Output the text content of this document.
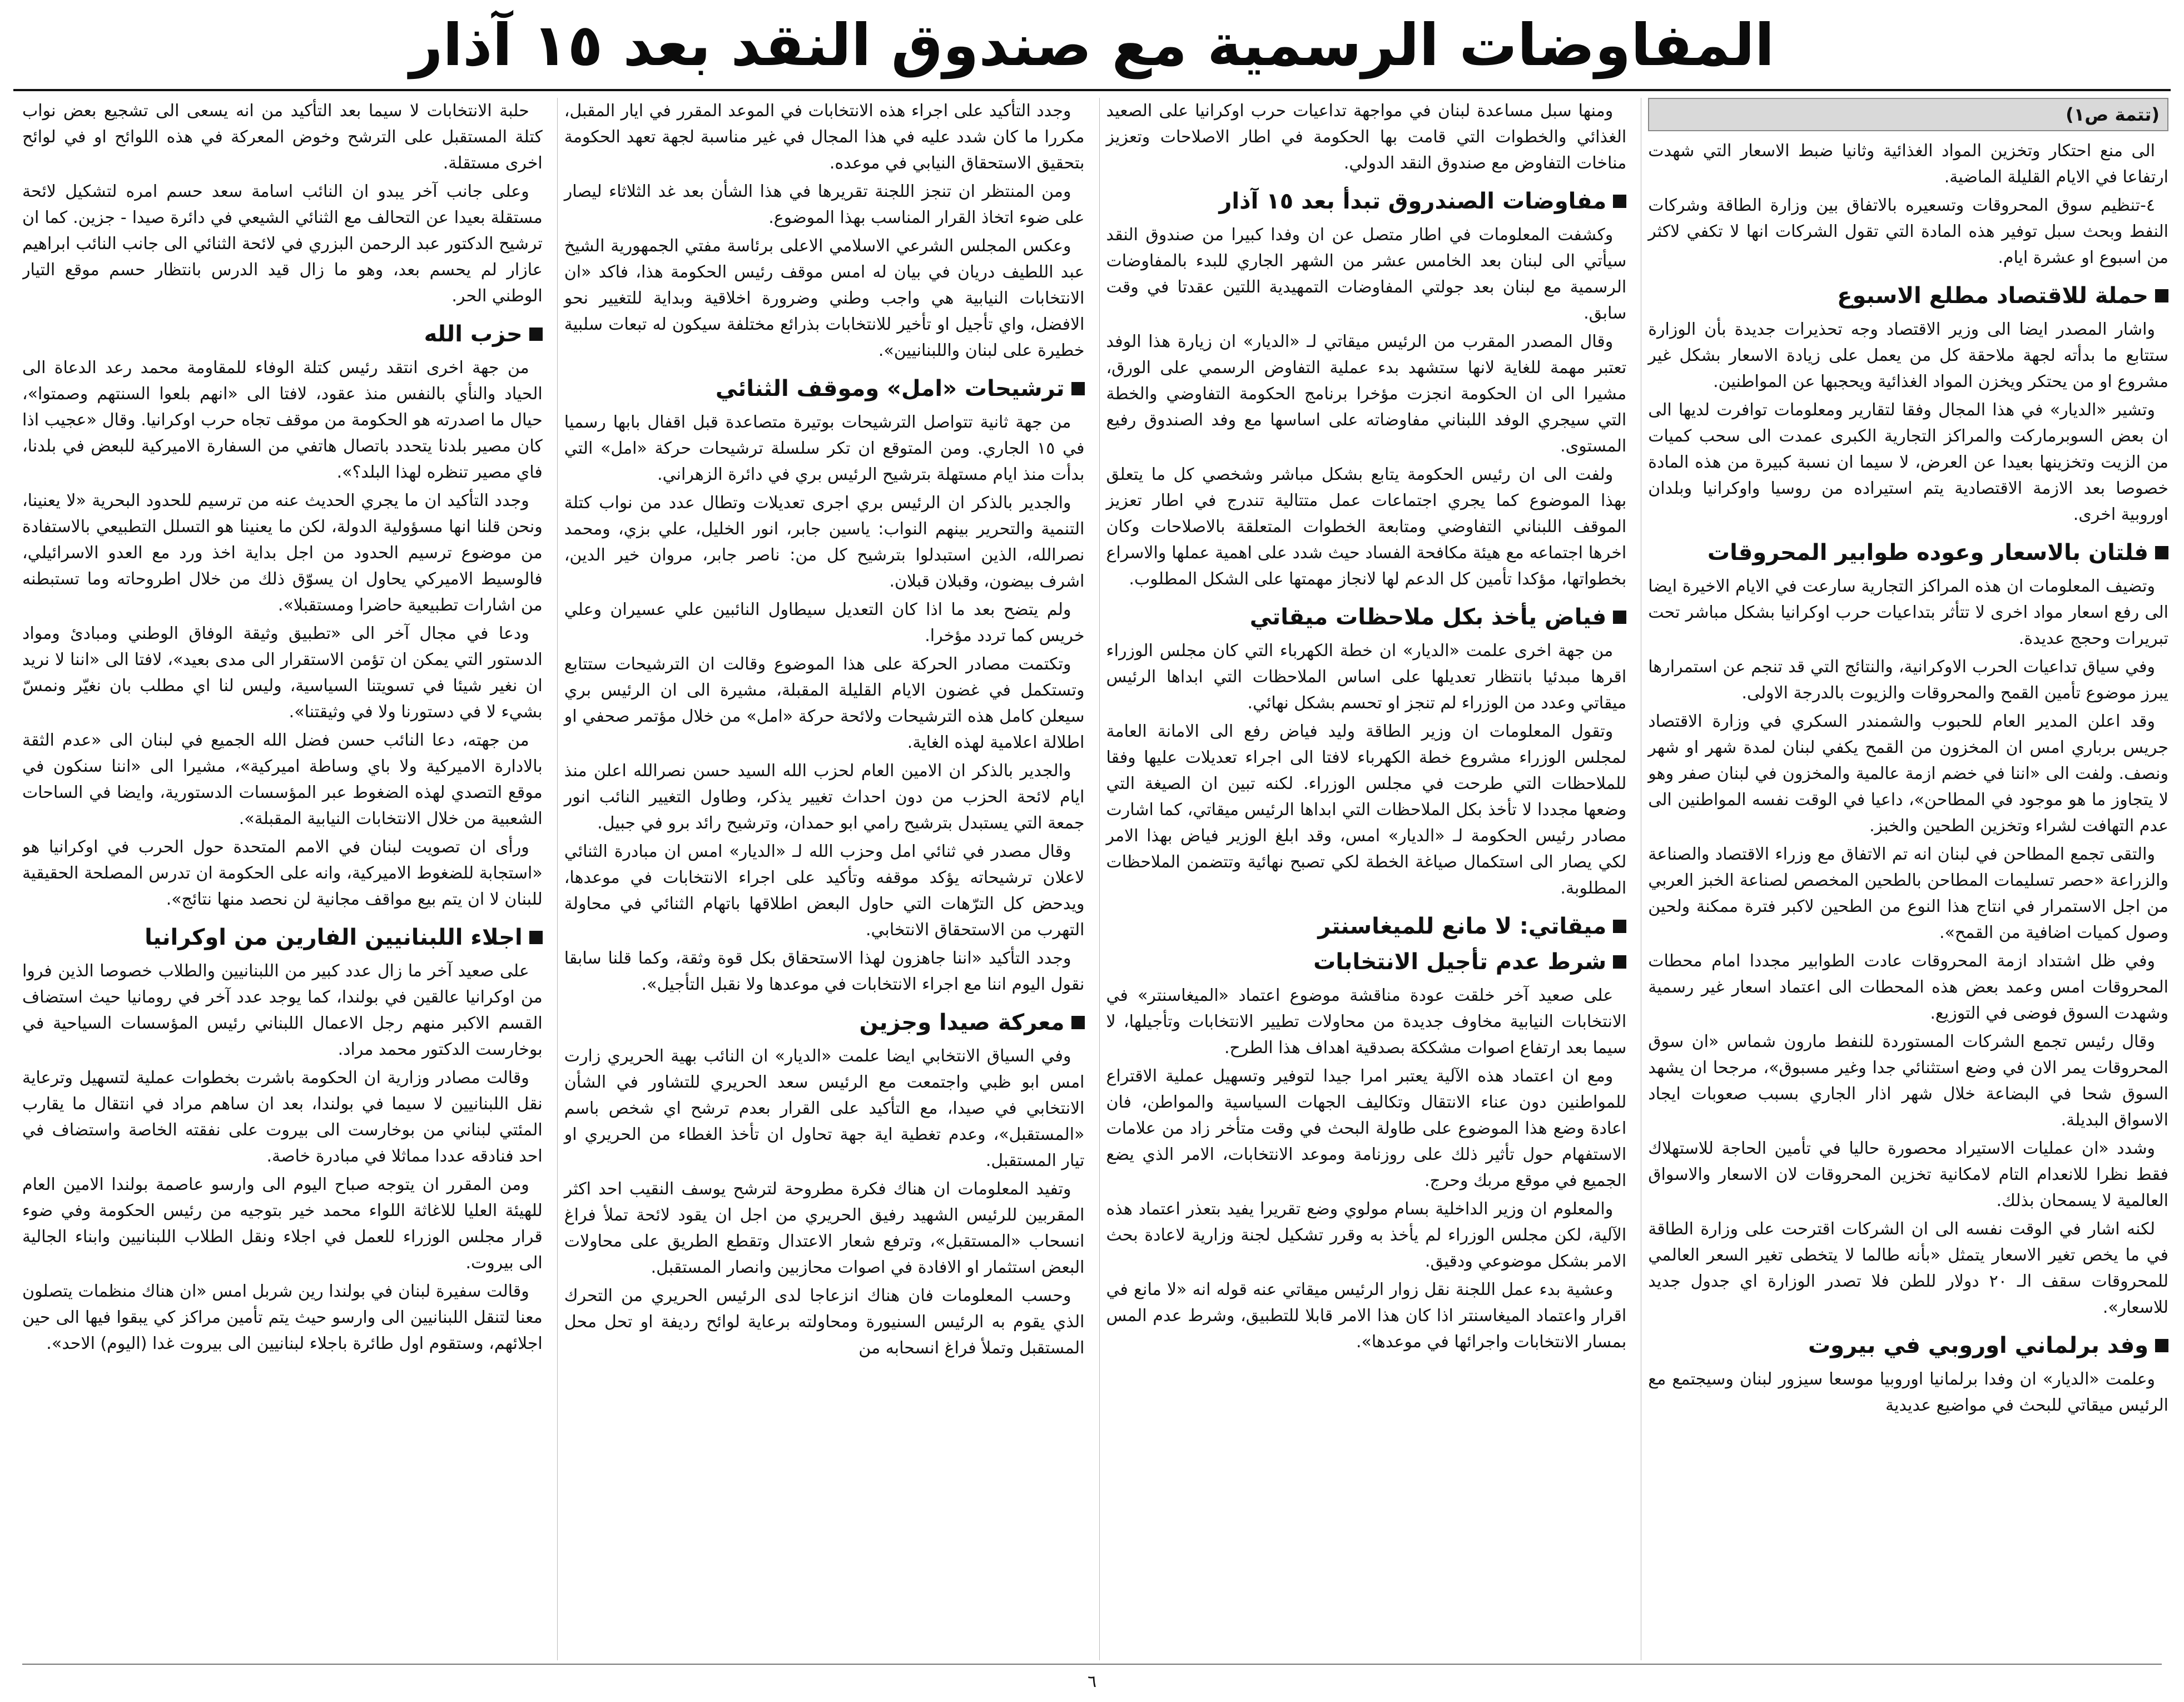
المفاوضات الرسمية مع صندوق النقد بعد ١٥ آذار
(تتمة ص١)

الى منع احتكار وتخزين المواد الغذائية وثانيا ضبط الاسعار التي شهدت ارتفاعا في الايام القليلة الماضية.

٤-تنظيم سوق المحروقات وتسعيره بالاتفاق بين وزارة الطاقة وشركات النفط وبحث سبل توفير هذه المادة التي تقول الشركات انها لا تكفي لاكثر من اسبوع او عشرة ايام.

حملة للاقتصاد مطلع الاسبوع

واشار المصدر ايضا الى وزير الاقتصاد وجه تحذيرات جديدة بأن الوزارة ستتابع ما بدأته لجهة ملاحقة كل من يعمل على زيادة الاسعار بشكل غير مشروع او من يحتكر ويخزن المواد الغذائية ويحجبها عن المواطنين.

وتشير «الديار» في هذا المجال وفقا لتقارير ومعلومات توافرت لديها الى ان بعض السوبرماركت والمراكز التجارية الكبرى عمدت الى سحب كميات من الزيت وتخزينها بعيدا عن العرض، لا سيما ان نسبة كبيرة من هذه المادة خصوصا بعد الازمة الاقتصادية يتم استيراده من روسيا واوكرانيا وبلدان اوروبية اخرى.

فلتان بالاسعار وعوده طوابير المحروقات

وتضيف المعلومات ان هذه المراكز التجارية سارعت في الايام الاخيرة ايضا الى رفع اسعار مواد اخرى لا تتأثر بتداعيات حرب اوكرانيا بشكل مباشر تحت تبريرات وحجج عديدة.

وفي سياق تداعيات الحرب الاوكرانية، والنتائج التي قد تنجم عن استمرارها يبرز موضوع تأمين القمح والمحروقات والزيوت بالدرجة الاولى.

وقد اعلن المدير العام للحبوب والشمندر السكري في وزارة الاقتصاد جريس برباري امس ان المخزون من القمح يكفي لبنان لمدة شهر او شهر ونصف. ولفت الى «اننا في خضم ازمة عالمية والمخزون في لبنان صفر وهو لا يتجاوز ما هو موجود في المطاحن»، داعيا في الوقت نفسه المواطنين الى عدم التهافت لشراء وتخزين الطحين والخبز.

والتقى تجمع المطاحن في لبنان انه تم الاتفاق مع وزراء الاقتصاد والصناعة والزراعة «حصر تسليمات المطاحن بالطحين المخصص لصناعة الخبز العربي من اجل الاستمرار في انتاج هذا النوع من الطحين لاكبر فترة ممكنة ولحين وصول كميات اضافية من القمح».

وفي ظل اشتداد ازمة المحروقات عادت الطوابير مجددا امام محطات المحروقات امس وعمد بعض هذه المحطات الى اعتماد اسعار غير رسمية وشهدت السوق فوضى في التوزيع.

وقال رئيس تجمع الشركات المستوردة للنفط مارون شماس «ان سوق المحروقات يمر الان في وضع استثنائي جدا وغير مسبوق»، مرجحا ان يشهد السوق شحا في البضاعة خلال شهر اذار الجاري بسبب صعوبات ايجاد الاسواق البديلة.

وشدد «ان عمليات الاستيراد محصورة حاليا في تأمين الحاجة للاستهلاك فقط نظرا للانعدام التام لامكانية تخزين المحروقات لان الاسعار والاسواق العالمية لا يسمحان بذلك.

لكنه اشار في الوقت نفسه الى ان الشركات اقترحت على وزارة الطاقة في ما يخص تغير الاسعار يتمثل «بأنه طالما لا يتخطى تغير السعر العالمي للمحروقات سقف الـ ٢٠ دولار للطن فلا تصدر الوزارة اي جدول جديد للاسعار».

وفد برلماني اوروبي في بيروت

وعلمت «الديار» ان وفدا برلمانيا اوروبيا موسعا سيزور لبنان وسيجتمع مع الرئيس ميقاتي للبحث في مواضيع عديدية

ومنها سبل مساعدة لبنان في مواجهة تداعيات حرب اوكرانيا على الصعيد الغذائي والخطوات التي قامت بها الحكومة في اطار الاصلاحات وتعزيز مناخات التفاوض مع صندوق النقد الدولي.

مفاوضات الصندروق تبدأ بعد ١٥ آذار

وكشفت المعلومات في اطار متصل عن ان وفدا كبيرا من صندوق النقد سيأتي الى لبنان بعد الخامس عشر من الشهر الجاري للبدء بالمفاوضات الرسمية مع لبنان بعد جولتي المفاوضات التمهيدية اللتين عقدتا في وقت سابق.

وقال المصدر المقرب من الرئيس ميقاتي لـ «الديار» ان زيارة هذا الوفد تعتبر مهمة للغاية لانها ستشهد بدء عملية التفاوض الرسمي على الورق، مشيرا الى ان الحكومة انجزت مؤخرا برنامج الحكومة التفاوضي والخطة التي سيجري الوفد اللبناني مفاوضاته على اساسها مع وفد الصندوق رفيع المستوى.

ولفت الى ان رئيس الحكومة يتابع بشكل مباشر وشخصي كل ما يتعلق بهذا الموضوع كما يجري اجتماعات عمل متتالية تندرج في اطار تعزيز الموقف اللبناني التفاوضي ومتابعة الخطوات المتعلقة بالاصلاحات وكان اخرها اجتماعه مع هيئة مكافحة الفساد حيث شدد على اهمية عملها والاسراع بخطواتها، مؤكدا تأمين كل الدعم لها لانجاز مهمتها على الشكل المطلوب.

فياض يأخذ بكل ملاحظات ميقاتي

من جهة اخرى علمت «الديار» ان خطة الكهرباء التي كان مجلس الوزراء اقرها مبدئيا بانتظار تعديلها على اساس الملاحظات التي ابداها الرئيس ميقاتي وعدد من الوزراء لم تنجز او تحسم بشكل نهائي.

وتقول المعلومات ان وزير الطاقة وليد فياض رفع الى الامانة العامة لمجلس الوزراء مشروع خطة الكهرباء لافتا الى اجراء تعديلات عليها وفقا للملاحظات التي طرحت في مجلس الوزراء. لكنه تبين ان الصيغة التي وضعها مجددا لا تأخذ بكل الملاحظات التي ابداها الرئيس ميقاتي، كما اشارت مصادر رئيس الحكومة لـ «الديار» امس، وقد ابلغ الوزير فياض بهذا الامر لكي يصار الى استكمال صياغة الخطة لكي تصبح نهائية وتتضمن الملاحظات المطلوبة.

ميقاتي: لا مانع للميغاسنتر
شرط عدم تأجيل الانتخابات

على صعيد آخر خلقت عودة مناقشة موضوع اعتماد «الميغاسنتر» في الانتخابات النيابية مخاوف جديدة من محاولات تطيير الانتخابات وتأجيلها، لا سيما بعد ارتفاع اصوات مشككة بصدقية اهداف هذا الطرح.

ومع ان اعتماد هذه الآلية يعتبر امرا جيدا لتوفير وتسهيل عملية الاقتراع للمواطنين دون عناء الانتقال وتكاليف الجهات السياسية والمواطن، فان اعادة وضع هذا الموضوع على طاولة البحث في وقت متأخر زاد من علامات الاستفهام حول تأثير ذلك على روزنامة وموعد الانتخابات، الامر الذي يضع الجميع في موقع مربك وحرج.

والمعلوم ان وزير الداخلية بسام مولوي وضع تقريرا يفيد بتعذر اعتماد هذه الآلية، لكن مجلس الوزراء لم يأخذ به وقرر تشكيل لجنة وزارية لاعادة بحث الامر بشكل موضوعي ودقيق.

وعشية بدء عمل اللجنة نقل زوار الرئيس ميقاتي عنه قوله انه «لا مانع في اقرار واعتماد الميغاسنتر اذا كان هذا الامر قابلا للتطبيق، وشرط عدم المس بمسار الانتخابات واجرائها في موعدها».

وجدد التأكيد على اجراء هذه الانتخابات في الموعد المقرر في ايار المقبل، مكررا ما كان شدد عليه في هذا المجال في غير مناسبة لجهة تعهد الحكومة بتحقيق الاستحقاق النيابي في موعده.

ومن المنتظر ان تنجز اللجنة تقريرها في هذا الشأن بعد غد الثلاثاء ليصار على ضوء اتخاذ القرار المناسب بهذا الموضوع.

وعكس المجلس الشرعي الاسلامي الاعلى برئاسة مفتي الجمهورية الشيخ عبد اللطيف دريان في بيان له امس موقف رئيس الحكومة هذا، فاكد «ان الانتخابات النيابية هي واجب وطني وضرورة اخلاقية وبداية للتغيير نحو الافضل، واي تأجيل او تأخير للانتخابات بذرائع مختلفة سيكون له تبعات سلبية خطيرة على لبنان واللبنانيين».

ترشيحات «امل» وموقف الثنائي

من جهة ثانية تتواصل الترشيحات بوتيرة متصاعدة قبل اقفال بابها رسميا في ١٥ الجاري. ومن المتوقع ان تكر سلسلة ترشيحات حركة «امل» التي بدأت منذ ايام مستهلة بترشيح الرئيس بري في دائرة الزهراني.

والجدير بالذكر ان الرئيس بري اجرى تعديلات وتطال عدد من نواب كتلة التنمية والتحرير بينهم النواب: ياسين جابر، انور الخليل، علي بزي، ومحمد نصرالله، الذين استبدلوا بترشيح كل من: ناصر جابر، مروان خير الدين، اشرف بيضون، وقبلان قبلان.

ولم يتضح بعد ما اذا كان التعديل سيطاول النائبين علي عسيران وعلي خريس كما تردد مؤخرا.

وتكتمت مصادر الحركة على هذا الموضوع وقالت ان الترشيحات ستتابع وتستكمل في غضون الايام القليلة المقبلة، مشيرة الى ان الرئيس بري سيعلن كامل هذه الترشيحات ولائحة حركة «امل» من خلال مؤتمر صحفي او اطلالة اعلامية لهذه الغاية.

والجدير بالذكر ان الامين العام لحزب الله السيد حسن نصرالله اعلن منذ ايام لائحة الحزب من دون احداث تغيير يذكر، وطاول التغيير النائب انور جمعة التي يستبدل بترشيح رامي ابو حمدان، وترشيح رائد برو في جبيل.

وقال مصدر في ثنائي امل وحزب الله لـ «الديار» امس ان مبادرة الثنائي لاعلان ترشيحاته يؤكد موقفه وتأكيد على اجراء الانتخابات في موعدها، ويدحض كل الترّهات التي حاول البعض اطلاقها باتهام الثنائي في محاولة التهرب من الاستحقاق الانتخابي.

وجدد التأكيد «اننا جاهزون لهذا الاستحقاق بكل قوة وثقة، وكما قلنا سابقا نقول اليوم اننا مع اجراء الانتخابات في موعدها ولا نقبل التأجيل».

معركة صيدا وجزين

وفي السياق الانتخابي ايضا علمت «الديار» ان النائب بهية الحريري زارت امس ابو ظبي واجتمعت مع الرئيس سعد الحريري للتشاور في الشأن الانتخابي في صيدا، مع التأكيد على القرار بعدم ترشح اي شخص باسم «المستقبل»، وعدم تغطية اية جهة تحاول ان تأخذ الغطاء من الحريري او تيار المستقبل.

وتفيد المعلومات ان هناك فكرة مطروحة لترشح يوسف النقيب احد اكثر المقربين للرئيس الشهيد رفيق الحريري من اجل ان يقود لائحة تملأ فراغ انسحاب «المستقبل»، وترفع شعار الاعتدال وتقطع الطريق على محاولات البعض استثمار او الافادة في اصوات محازبين وانصار المستقبل.

وحسب المعلومات فان هناك انزعاجا لدى الرئيس الحريري من التحرك الذي يقوم به الرئيس السنيورة ومحاولته برعاية لوائح رديفة او تحل محل المستقبل وتملأ فراغ انسحابه من

حلبة الانتخابات لا سيما بعد التأكيد من انه يسعى الى تشجيع بعض نواب كتلة المستقبل على الترشح وخوض المعركة في هذه اللوائح او في لوائح اخرى مستقلة.

وعلى جانب آخر يبدو ان النائب اسامة سعد حسم امره لتشكيل لائحة مستقلة بعيدا عن التحالف مع الثنائي الشيعي في دائرة صيدا - جزين. كما ان ترشيح الدكتور عبد الرحمن البزري في لائحة الثنائي الى جانب النائب ابراهيم عازار لم يحسم بعد، وهو ما زال قيد الدرس بانتظار حسم موقع التيار الوطني الحر.

حزب الله

من جهة اخرى انتقد رئيس كتلة الوفاء للمقاومة محمد رعد الدعاة الى الحياد والنأي بالنفس منذ عقود، لافتا الى «انهم بلعوا السنتهم وصمتوا»، حيال ما اصدرته هو الحكومة من موقف تجاه حرب اوكرانيا. وقال «عجيب اذا كان مصير بلدنا يتحدد باتصال هاتفي من السفارة الاميركية للبعض في بلدنا، فاي مصير تنظره لهذا البلد؟».

وجدد التأكيد ان ما يجري الحديث عنه من ترسيم للحدود البحرية «لا يعنينا، ونحن قلنا انها مسؤولية الدولة، لكن ما يعنينا هو التسلل التطبيعي بالاستفادة من موضوع ترسيم الحدود من اجل بداية اخذ ورد مع العدو الاسرائيلي، فالوسيط الاميركي يحاول ان يسوّق ذلك من خلال اطروحاته وما تستبطنه من اشارات تطبيعية حاضرا ومستقبلا».

ودعا في مجال آخر الى «تطبيق وثيقة الوفاق الوطني ومبادئ ومواد الدستور التي يمكن ان تؤمن الاستقرار الى مدى بعيد»، لافتا الى «اننا لا نريد ان نغير شيئا في تسويتنا السياسية، وليس لنا اي مطلب بان نغيّر ونمسّ بشيء لا في دستورنا ولا في وثيقتنا».

من جهته، دعا النائب حسن فضل الله الجميع في لبنان الى «عدم الثقة بالادارة الاميركية ولا باي وساطة اميركية»، مشيرا الى «اننا سنكون في موقع التصدي لهذه الضغوط عبر المؤسسات الدستورية، وايضا في الساحات الشعبية من خلال الانتخابات النيابية المقبلة».

ورأى ان تصويت لبنان في الامم المتحدة حول الحرب في اوكرانيا هو «استجابة للضغوط الاميركية، وانه على الحكومة ان تدرس المصلحة الحقيقية للبنان لا ان يتم بيع مواقف مجانية لن نحصد منها نتائج».

اجلاء اللبنانيين الفارين من اوكرانيا

على صعيد آخر ما زال عدد كبير من اللبنانيين والطلاب خصوصا الذين فروا من اوكرانيا عالقين في بولندا، كما يوجد عدد آخر في رومانيا حيث استضاف القسم الاكبر منهم رجل الاعمال اللبناني رئيس المؤسسات السياحية في بوخارست الدكتور محمد مراد.

وقالت مصادر وزارية ان الحكومة باشرت بخطوات عملية لتسهيل وترعاية نقل اللبنانيين لا سيما في بولندا، بعد ان ساهم مراد في انتقال ما يقارب المئتي لبناني من بوخارست الى بيروت على نفقته الخاصة واستضاف في احد فنادقه عددا مماثلا في مبادرة خاصة.

ومن المقرر ان يتوجه صباح اليوم الى وارسو عاصمة بولندا الامين العام للهيئة العليا للاغاثة اللواء محمد خير بتوجيه من رئيس الحكومة وفي ضوء قرار مجلس الوزراء للعمل في اجلاء ونقل الطلاب اللبنانيين وابناء الجالية الى بيروت.

وقالت سفيرة لبنان في بولندا رين شربل امس «ان هناك منظمات يتصلون معنا لتنقل اللبنانيين الى وارسو حيث يتم تأمين مراكز كي يبقوا فيها الى حين اجلائهم، وستقوم اول طائرة باجلاء لبنانيين الى بيروت غدا (اليوم) الاحد».

٦
